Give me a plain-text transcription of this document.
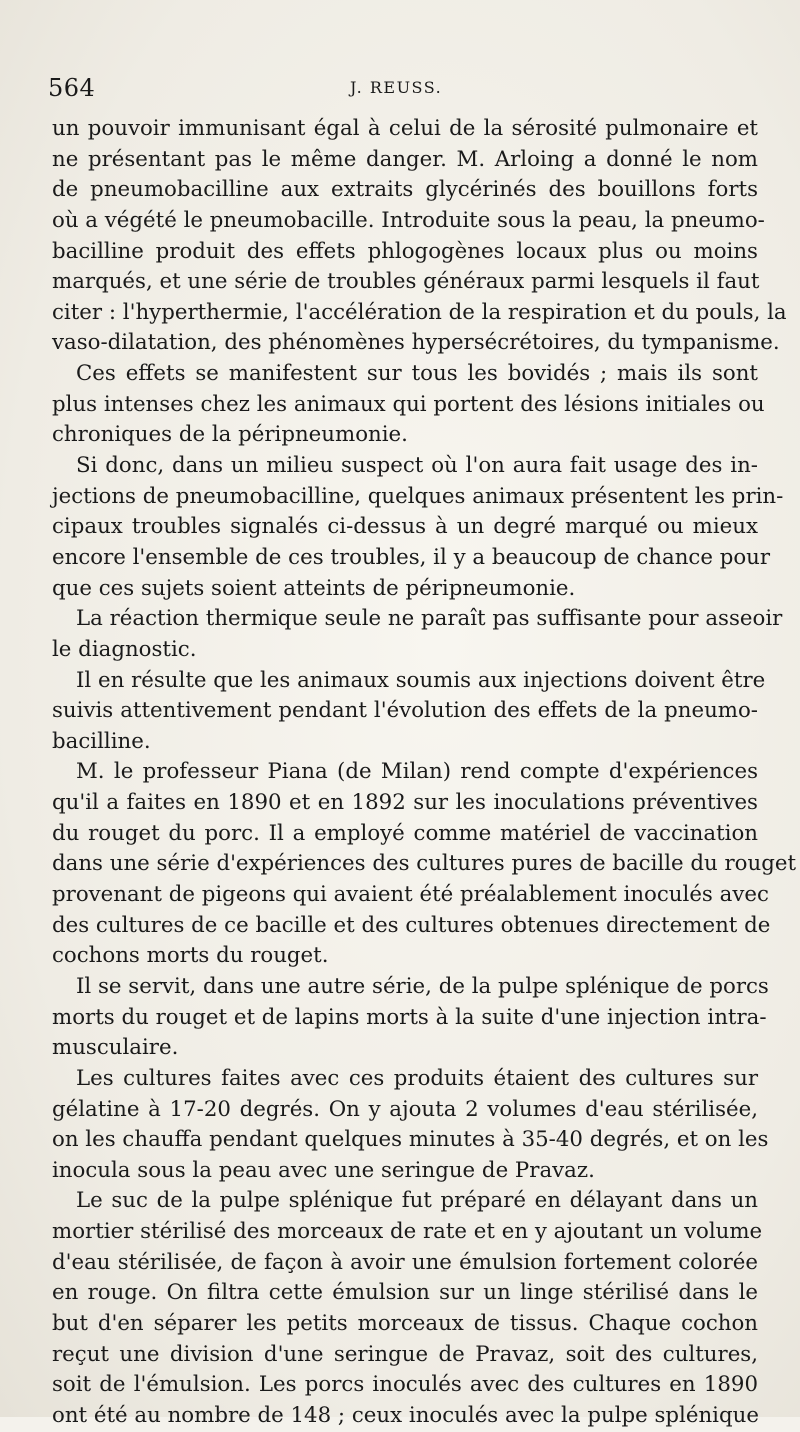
564	J. REUSS.
un pouvoir immunisant égal à celui de la sérosité pulmonaire et
ne présentant pas le même danger. M. Arloing a donné le nom
de pneumobacilline aux extraits glycérinés des bouillons forts
où a végété le pneumobacille. Introduite sous la peau, la pneumo-
bacilline produit des effets phlogogènes locaux plus ou moins
marqués, et une série de troubles généraux parmi lesquels il faut
citer : l'hyperthermie, l'accélération de la respiration et du pouls, la
vaso-dilatation, des phénomènes hypersécrétoires, du tympanisme.
Ces effets se manifestent sur tous les bovidés ; mais ils sont
plus intenses chez les animaux qui portent des lésions initiales ou
chroniques de la péripneumonie.
Si donc, dans un milieu suspect où l'on aura fait usage des in-
jections de pneumobacilline, quelques animaux présentent les prin-
cipaux troubles signalés ci-dessus à un degré marqué ou mieux
encore l'ensemble de ces troubles, il y a beaucoup de chance pour
que ces sujets soient atteints de péripneumonie.
La réaction thermique seule ne paraît pas suffisante pour asseoir
le diagnostic.
Il en résulte que les animaux soumis aux injections doivent être
suivis attentivement pendant l'évolution des effets de la pneumo-
bacilline.
M. le professeur Piana (de Milan) rend compte d'expériences
qu'il a faites en 1890 et en 1892 sur les inoculations préventives
du rouget du porc. Il a employé comme matériel de vaccination
dans une série d'expériences des cultures pures de bacille du rouget
provenant de pigeons qui avaient été préalablement inoculés avec
des cultures de ce bacille et des cultures obtenues directement de
cochons morts du rouget.
Il se servit, dans une autre série, de la pulpe splénique de porcs
morts du rouget et de lapins morts à la suite d'une injection intra-
musculaire.
Les cultures faites avec ces produits étaient des cultures sur
gélatine à 17-20 degrés. On y ajouta 2 volumes d'eau stérilisée,
on les chauffa pendant quelques minutes à 35-40 degrés, et on les
inocula sous la peau avec une seringue de Pravaz.
Le suc de la pulpe splénique fut préparé en délayant dans un
mortier stérilisé des morceaux de rate et en y ajoutant un volume
d'eau stérilisée, de façon à avoir une émulsion fortement colorée
en rouge. On filtra cette émulsion sur un linge stérilisé dans le
but d'en séparer les petits morceaux de tissus. Chaque cochon
reçut une division d'une seringue de Pravaz, soit des cultures,
soit de l'émulsion. Les porcs inoculés avec des cultures en 1890
ont été au nombre de 148 ; ceux inoculés avec la pulpe splénique
